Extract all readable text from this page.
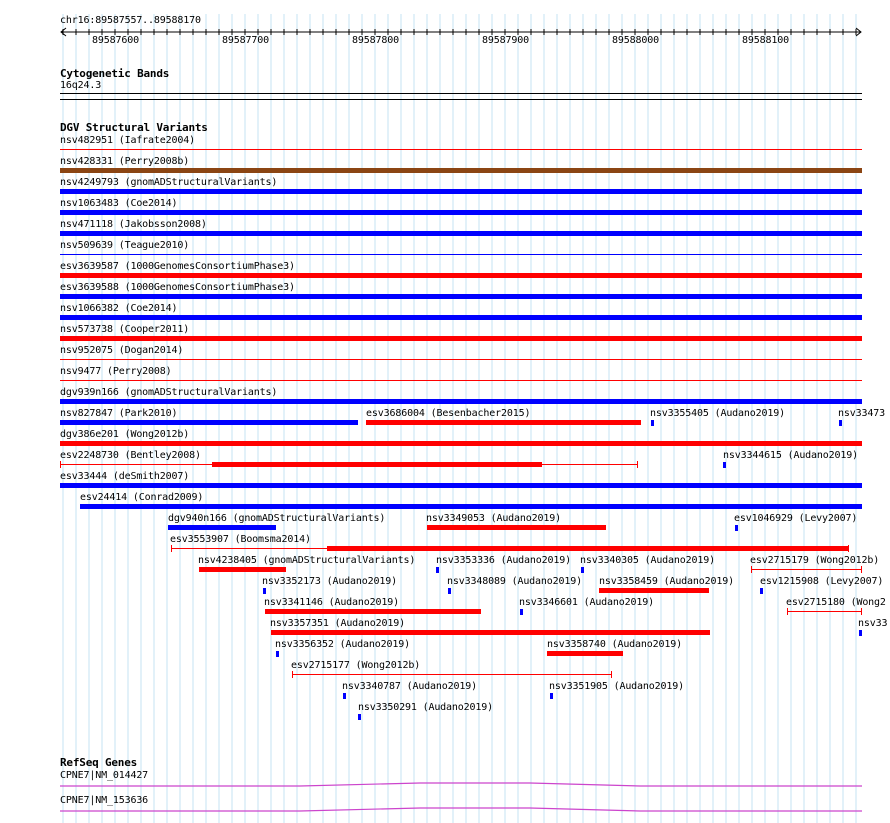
chr16:89587557..89588170
89587600	89587700	89587800	89587900	89588000	89588100
Cytogenetic Bands
16q24.3
DGV Structural Variants
nsv482951 (Iafrate2004)
nsv428331 (Perry2008b)
nsv4249793 (gnomADStructuralVariants)
nsv1063483 (Coe2014)
nsv471118 (Jakobsson2008)
nsv509639 (Teague2010)
esv3639587 (1000GenomesConsortiumPhase3)
esv3639588 (1000GenomesConsortiumPhase3)
nsv1066382 (Coe2014)
nsv573738 (Cooper2011)
nsv952075 (Dogan2014)
nsv9477 (Perry2008)
dgv939n166 (gnomADStructuralVariants)
nsv827847 (Park2010)	esv3686004 (Besenbacher2015)	nsv3355405 (Audano2019)	nsv33473
dgv386e201 (Wong2012b)
esv2248730 (Bentley2008)	nsv3344615 (Audano2019)
esv33444 (deSmith2007)
esv24414 (Conrad2009)
dgv940n166 (gnomADStructuralVariants)	nsv3349053 (Audano2019)	esv1046929 (Levy2007)
esv3553907 (Boomsma2014)
nsv4238405 (gnomADStructuralVariants) nsv3353336 (Audano2019) nsv3340305 (Audano2019)	esv2715179 (Wong2012b)
nsv3352173 (Audano2019)	nsv3348089 (Audano2019) nsv3358459 (Audano2019)	esv1215908 (Levy2007)
nsv3341146 (Audano2019)	nsv3346601 (Audano2019)	esv2715180 (Wong2
nsv3357351 (Audano2019)	nsv33
nsv3356352 (Audano2019)	nsv3358740 (Audano2019)
esv2715177 (Wong2012b)
nsv3340787 (Audano2019)	nsv3351905 (Audano2019)
nsv3350291 (Audano2019)
RefSeq Genes
CPNE7|NM_014427
CPNE7|NM_153636
